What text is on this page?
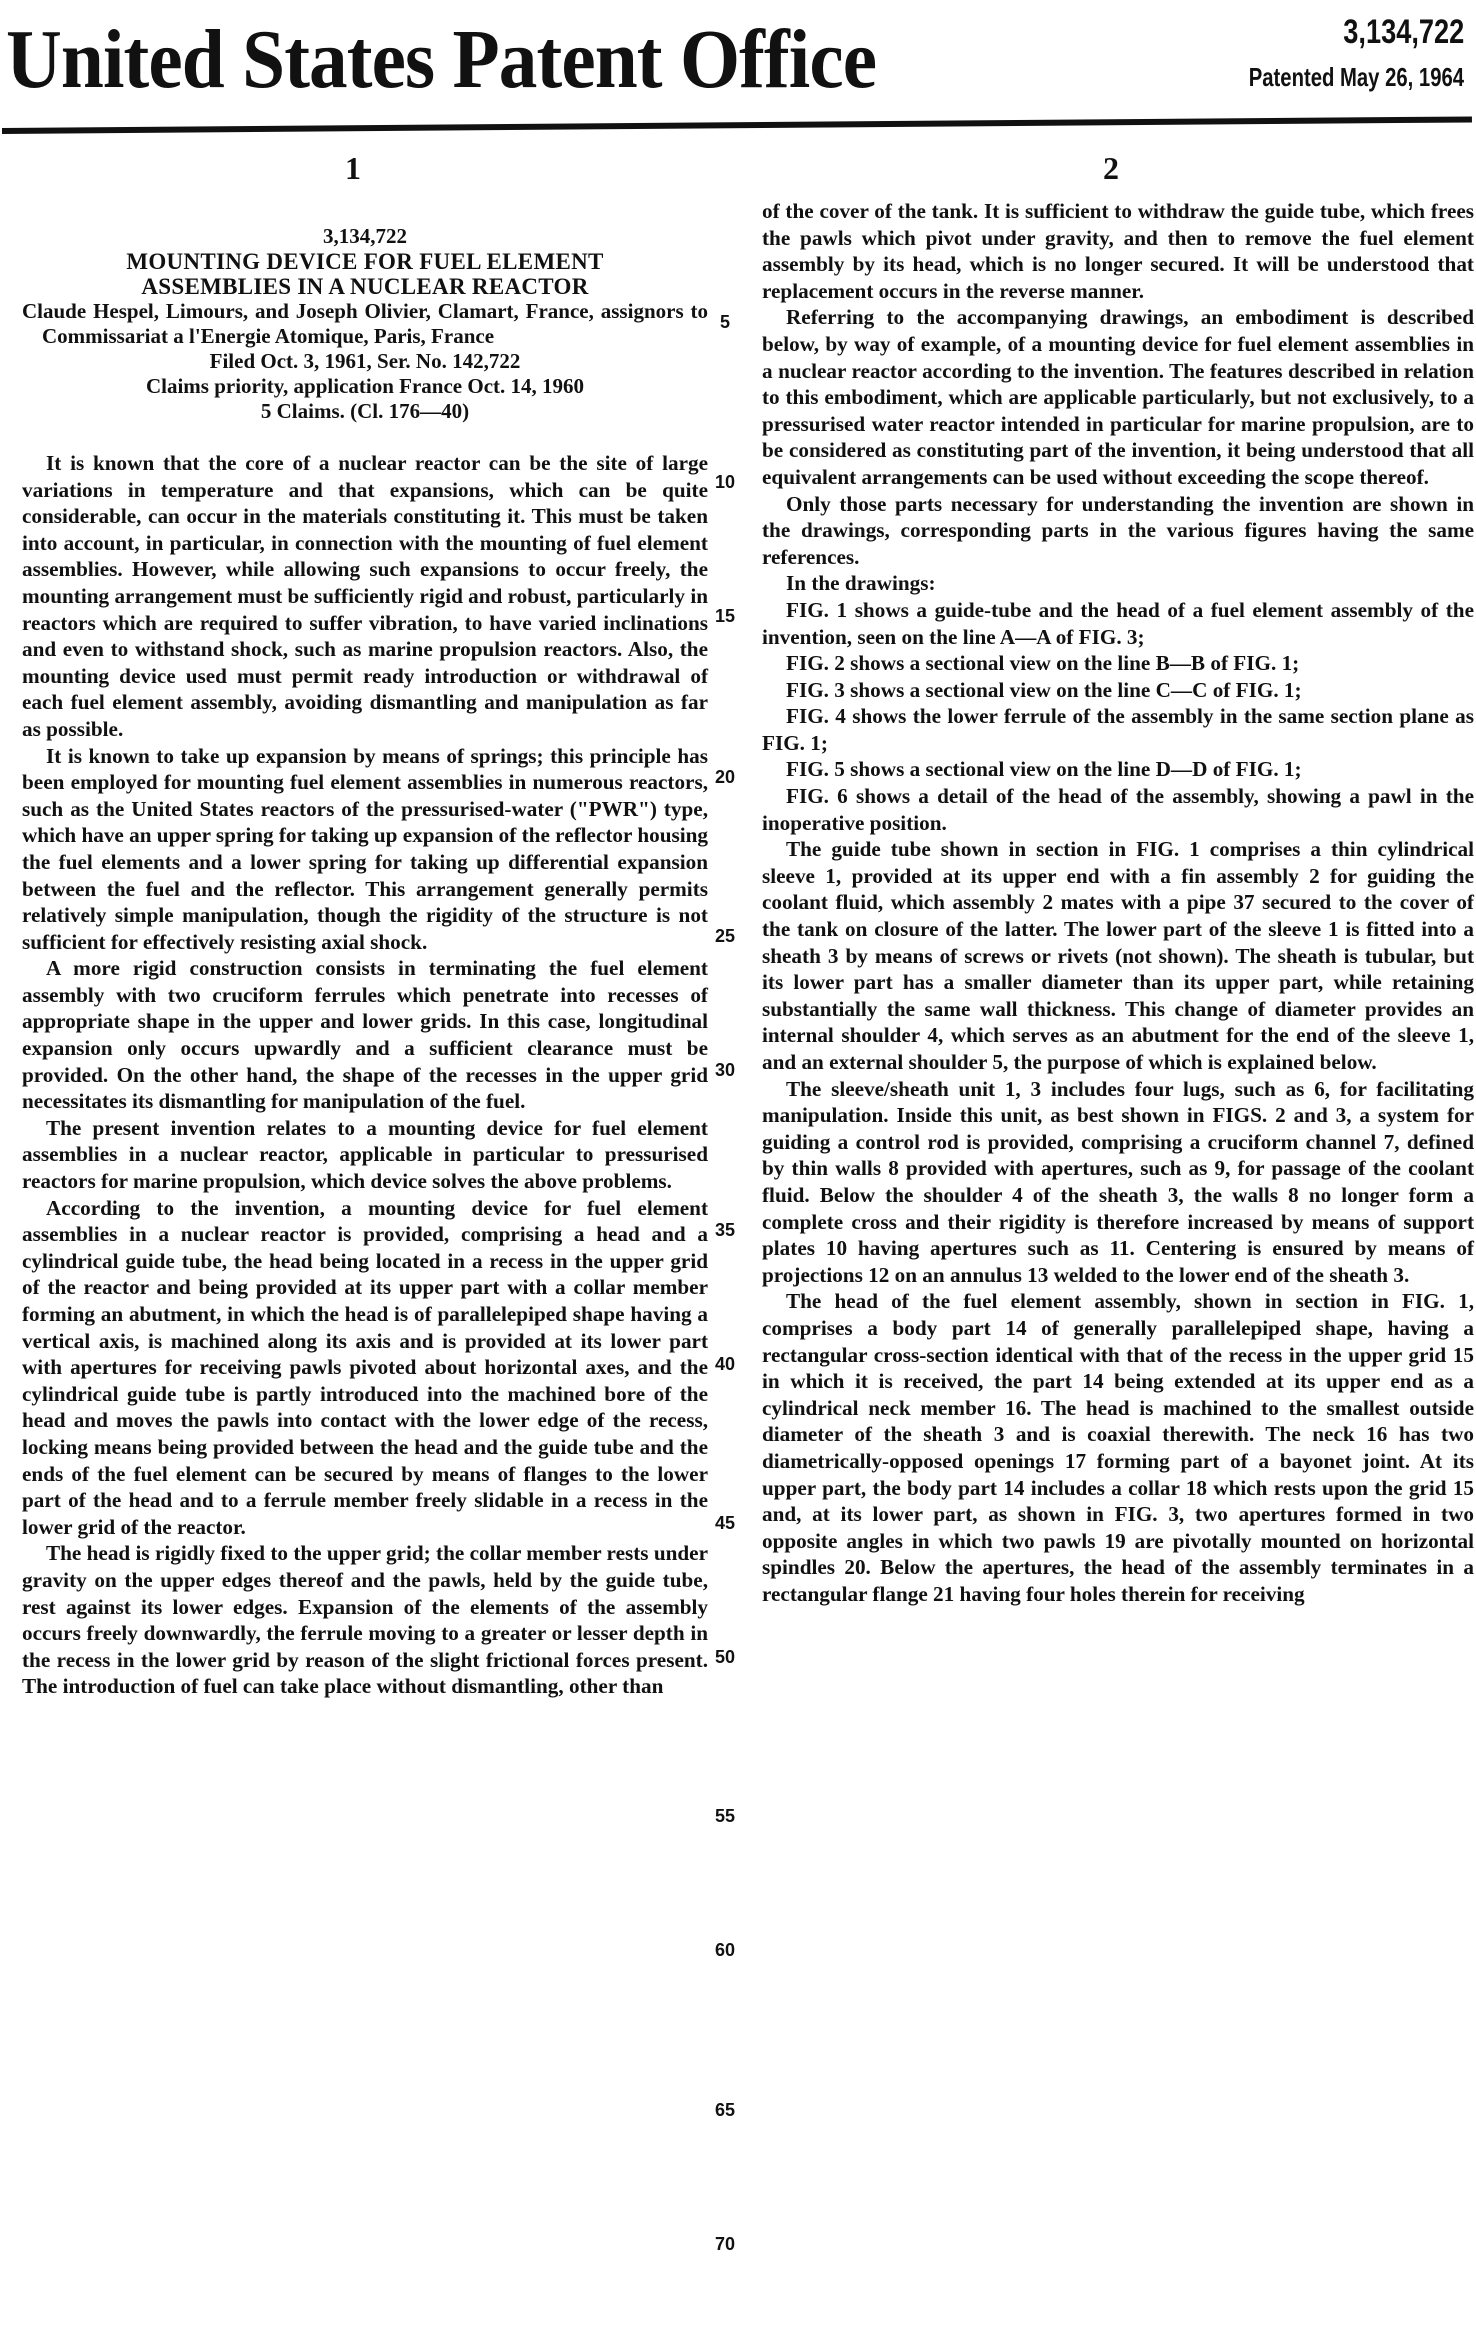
United States Patent Office	3,134,722
Patented May 26, 1964
1	2
3,134,722
MOUNTING DEVICE FOR FUEL ELEMENT
ASSEMBLIES IN A NUCLEAR REACTOR
Claude Hespel, Limours, and Joseph Olivier, Clamart, France, assignors to Commissariat a l'Energie Atomique, Paris, France
Filed Oct. 3, 1961, Ser. No. 142,722
Claims priority, application France Oct. 14, 1960
5 Claims. (Cl. 176—40)

It is known that the core of a nuclear reactor can be the site of large variations in temperature and that expansions, which can be quite considerable, can occur in the materials constituting it. This must be taken into account, in particular, in connection with the mounting of fuel element assemblies. However, while allowing such expansions to occur freely, the mounting arrangement must be sufficiently rigid and robust, particularly in reactors which are required to suffer vibration, to have varied inclinations and even to withstand shock, such as marine propulsion reactors. Also, the mounting device used must permit ready introduction or withdrawal of each fuel element assembly, avoiding dismantling and manipulation as far as possible.

It is known to take up expansion by means of springs; this principle has been employed for mounting fuel element assemblies in numerous reactors, such as the United States reactors of the pressurised-water ("PWR") type, which have an upper spring for taking up expansion of the reflector housing the fuel elements and a lower spring for taking up differential expansion between the fuel and the reflector. This arrangement generally permits relatively simple manipulation, though the rigidity of the structure is not sufficient for effectively resisting axial shock.

A more rigid construction consists in terminating the fuel element assembly with two cruciform ferrules which penetrate into recesses of appropriate shape in the upper and lower grids. In this case, longitudinal expansion only occurs upwardly and a sufficient clearance must be provided. On the other hand, the shape of the recesses in the upper grid necessitates its dismantling for manipulation of the fuel.

The present invention relates to a mounting device for fuel element assemblies in a nuclear reactor, applicable in particular to pressurised reactors for marine propulsion, which device solves the above problems.

According to the invention, a mounting device for fuel element assemblies in a nuclear reactor is provided, comprising a head and a cylindrical guide tube, the head being located in a recess in the upper grid of the reactor and being provided at its upper part with a collar member forming an abutment, in which the head is of parallelepiped shape having a vertical axis, is machined along its axis and is provided at its lower part with apertures for receiving pawls pivoted about horizontal axes, and the cylindrical guide tube is partly introduced into the machined bore of the head and moves the pawls into contact with the lower edge of the recess, locking means being provided between the head and the guide tube and the ends of the fuel element can be secured by means of flanges to the lower part of the head and to a ferrule member freely slidable in a recess in the lower grid of the reactor.

The head is rigidly fixed to the upper grid; the collar member rests under gravity on the upper edges thereof and the pawls, held by the guide tube, rest against its lower edges. Expansion of the elements of the assembly occurs freely downwardly, the ferrule moving to a greater or lesser depth in the recess in the lower grid by reason of the slight frictional forces present. The introduction of fuel can take place without dismantling, other than

of the cover of the tank. It is sufficient to withdraw the guide tube, which frees the pawls which pivot under gravity, and then to remove the fuel element assembly by its head, which is no longer secured. It will be understood that replacement occurs in the reverse manner.

Referring to the accompanying drawings, an embodiment is described below, by way of example, of a mounting device for fuel element assemblies in a nuclear reactor according to the invention. The features described in relation to this embodiment, which are applicable particularly, but not exclusively, to a pressurised water reactor intended in particular for marine propulsion, are to be considered as constituting part of the invention, it being understood that all equivalent arrangements can be used without exceeding the scope thereof.

Only those parts necessary for understanding the invention are shown in the drawings, corresponding parts in the various figures having the same references.

In the drawings:

FIG. 1 shows a guide-tube and the head of a fuel element assembly of the invention, seen on the line A—A of FIG. 3;

FIG. 2 shows a sectional view on the line B—B of FIG. 1;

FIG. 3 shows a sectional view on the line C—C of FIG. 1;

FIG. 4 shows the lower ferrule of the assembly in the same section plane as FIG. 1;

FIG. 5 shows a sectional view on the line D—D of FIG. 1;

FIG. 6 shows a detail of the head of the assembly, showing a pawl in the inoperative position.

The guide tube shown in section in FIG. 1 comprises a thin cylindrical sleeve 1, provided at its upper end with a fin assembly 2 for guiding the coolant fluid, which assembly 2 mates with a pipe 37 secured to the cover of the tank on closure of the latter. The lower part of the sleeve 1 is fitted into a sheath 3 by means of screws or rivets (not shown). The sheath is tubular, but its lower part has a smaller diameter than its upper part, while retaining substantially the same wall thickness. This change of diameter provides an internal shoulder 4, which serves as an abutment for the end of the sleeve 1, and an external shoulder 5, the purpose of which is explained below.

The sleeve/sheath unit 1, 3 includes four lugs, such as 6, for facilitating manipulation. Inside this unit, as best shown in FIGS. 2 and 3, a system for guiding a control rod is provided, comprising a cruciform channel 7, defined by thin walls 8 provided with apertures, such as 9, for passage of the coolant fluid. Below the shoulder 4 of the sheath 3, the walls 8 no longer form a complete cross and their rigidity is therefore increased by means of support plates 10 having apertures such as 11. Centering is ensured by means of projections 12 on an annulus 13 welded to the lower end of the sheath 3.

The head of the fuel element assembly, shown in section in FIG. 1, comprises a body part 14 of generally parallelepiped shape, having a rectangular cross-section identical with that of the recess in the upper grid 15 in which it is received, the part 14 being extended at its upper end as a cylindrical neck member 16. The head is machined to the smallest outside diameter of the sheath 3 and is coaxial therewith. The neck 16 has two diametrically-opposed openings 17 forming part of a bayonet joint. At its upper part, the body part 14 includes a collar 18 which rests upon the grid 15 and, at its lower part, as shown in FIG. 3, two apertures formed in two opposite angles in which two pawls 19 are pivotally mounted on horizontal spindles 20. Below the apertures, the head of the assembly terminates in a rectangular flange 21 having four holes therein for receiving

5
10
15
20
25
30
35
40
45
50
55
60
65
70
